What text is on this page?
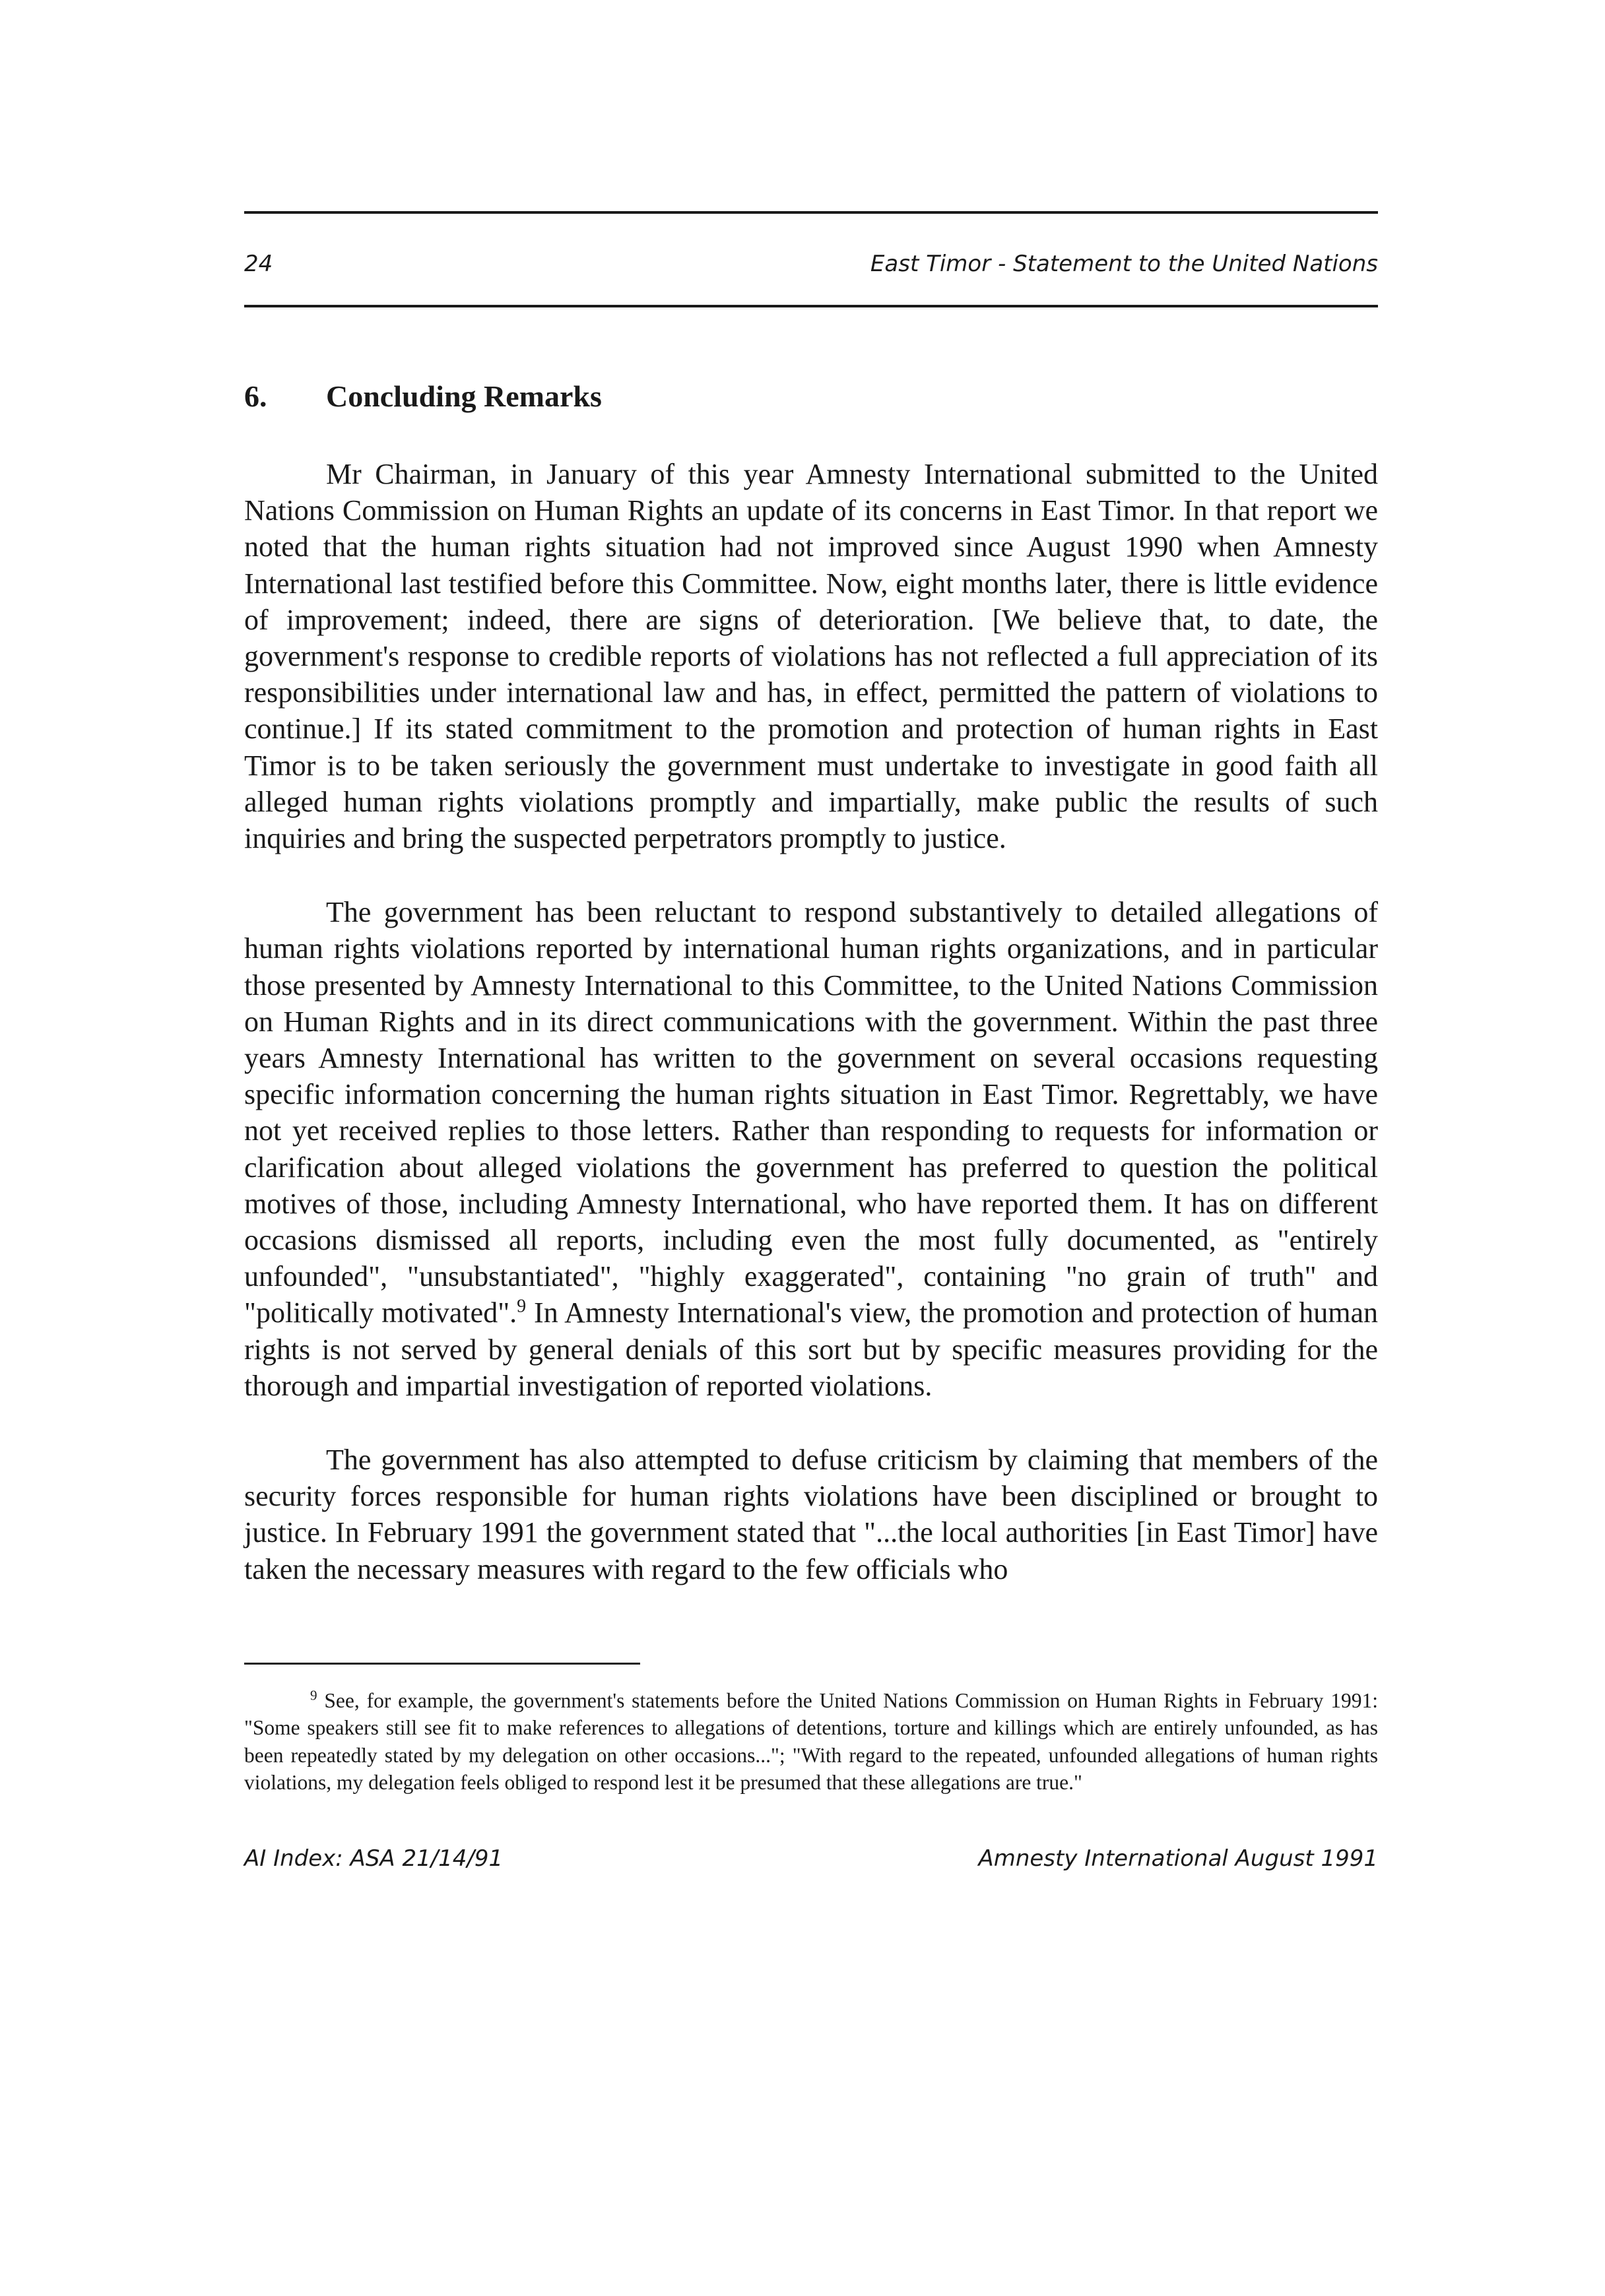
24	East Timor - Statement to the United Nations
6.	Concluding Remarks

Mr Chairman, in January of this year Amnesty International submitted to the United Nations Commission on Human Rights an update of its concerns in East Timor. In that report we noted that the human rights situation had not improved since August 1990 when Amnesty International last testified before this Committee. Now, eight months later, there is little evidence of improvement; indeed, there are signs of deterioration. [We believe that, to date, the government's response to credible reports of violations has not reflected a full appreciation of its responsibilities under international law and has, in effect, permitted the pattern of violations to continue.] If its stated commitment to the promotion and protection of human rights in East Timor is to be taken seriously the government must undertake to investigate in good faith all alleged human rights violations promptly and impartially, make public the results of such inquiries and bring the suspected perpetrators promptly to justice.

The government has been reluctant to respond substantively to detailed allegations of human rights violations reported by international human rights organizations, and in particular those presented by Amnesty International to this Committee, to the United Nations Commission on Human Rights and in its direct communications with the government. Within the past three years Amnesty International has written to the government on several occasions requesting specific information concerning the human rights situation in East Timor. Regrettably, we have not yet received replies to those letters. Rather than responding to requests for information or clarification about alleged violations the government has preferred to question the political motives of those, including Amnesty International, who have reported them. It has on different occasions dismissed all reports, including even the most fully documented, as "entirely unfounded", "unsubstantiated", "highly exaggerated", containing "no grain of truth" and "politically motivated".$^9$ In Amnesty International's view, the promotion and protection of human rights is not served by general denials of this sort but by specific measures providing for the thorough and impartial investigation of reported violations.

The government has also attempted to defuse criticism by claiming that members of the security forces responsible for human rights violations have been disciplined or brought to justice. In February 1991 the government stated that "...the local authorities [in East Timor] have taken the necessary measures with regard to the few officials who

$^9$ See, for example, the government's statements before the United Nations Commission on Human Rights in February 1991: "Some speakers still see fit to make references to allegations of detentions, torture and killings which are entirely unfounded, as has been repeatedly stated by my delegation on other occasions..."; "With regard to the repeated, unfounded allegations of human rights violations, my delegation feels obliged to respond lest it be presumed that these allegations are true."
AI Index: ASA 21/14/91	Amnesty International August 1991
